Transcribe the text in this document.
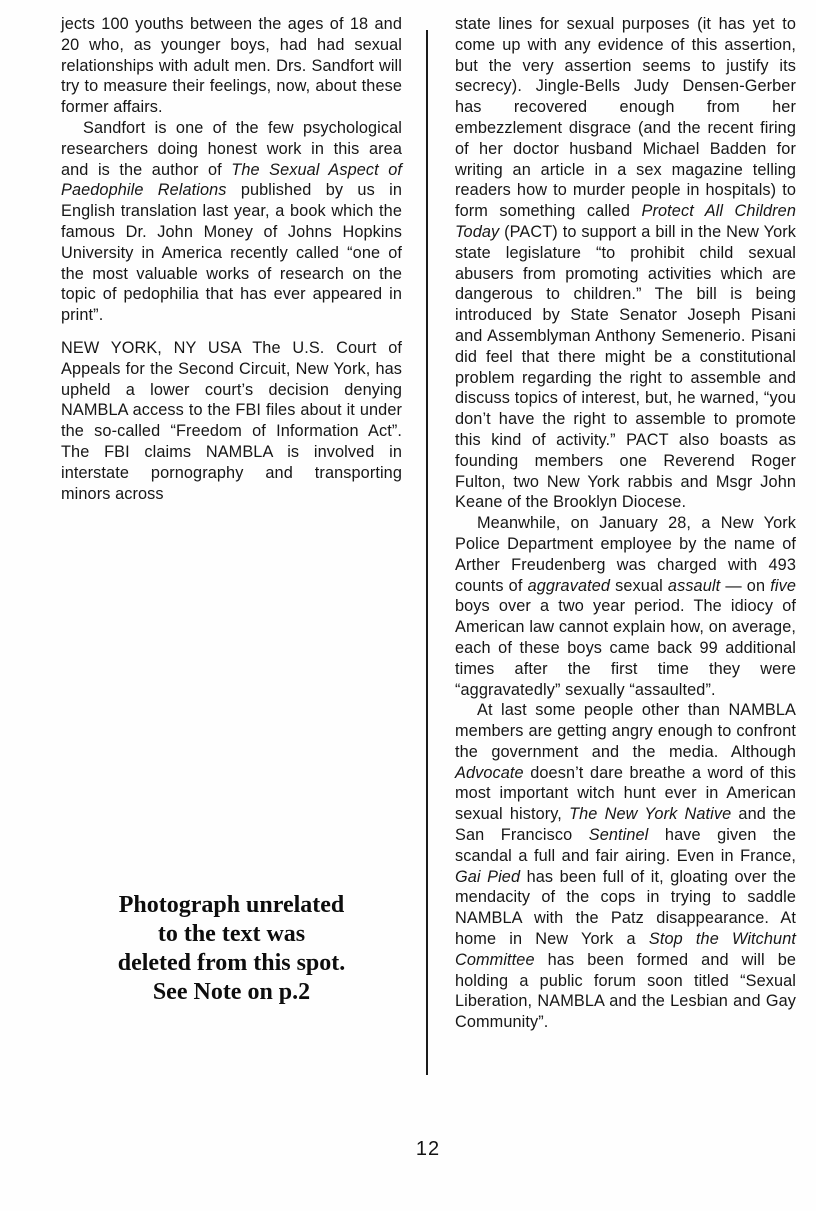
jects 100 youths between the ages of 18 and 20 who, as younger boys, had had sexual relationships with adult men. Drs. Sandfort will try to measure their feelings, now, about these former affairs.

Sandfort is one of the few psychological researchers doing honest work in this area and is the author of The Sexual Aspect of Paedophile Relations published by us in English translation last year, a book which the famous Dr. John Money of Johns Hopkins University in America recently called “one of the most valuable works of research on the topic of pedophilia that has ever appeared in print”.

NEW YORK, NY USA The U.S. Court of Appeals for the Second Circuit, New York, has upheld a lower court’s decision denying NAMBLA access to the FBI files about it under the so-called “Freedom of Information Act”. The FBI claims NAMBLA is involved in interstate pornography and transporting minors across

state lines for sexual purposes (it has yet to come up with any evidence of this assertion, but the very assertion seems to justify its secrecy). Jingle-Bells Judy Densen-Gerber has recovered enough from her embezzlement disgrace (and the recent firing of her doctor husband Michael Badden for writing an article in a sex magazine telling readers how to murder people in hospitals) to form something called Protect All Children Today (PACT) to support a bill in the New York state legislature “to prohibit child sexual abusers from promoting activities which are dangerous to children.” The bill is being introduced by State Senator Joseph Pisani and Assemblyman Anthony Semenerio. Pisani did feel that there might be a constitutional problem regarding the right to assemble and discuss topics of interest, but, he warned, “you don’t have the right to assemble to promote this kind of activity.” PACT also boasts as founding members one Reverend Roger Fulton, two New York rabbis and Msgr John Keane of the Brooklyn Diocese.

Meanwhile, on January 28, a New York Police Department employee by the name of Arther Freudenberg was charged with 493 counts of aggravated sexual assault — on five boys over a two year period. The idiocy of American law cannot explain how, on average, each of these boys came back 99 additional times after the first time they were “aggravatedly” sexually “assaulted”.

At last some people other than NAMBLA members are getting angry enough to confront the government and the media. Although Advocate doesn’t dare breathe a word of this most important witch hunt ever in American sexual history, The New York Native and the San Francisco Sentinel have given the scandal a full and fair airing. Even in France, Gai Pied has been full of it, gloating over the mendacity of the cops in trying to saddle NAMBLA with the Patz disappearance. At home in New York a Stop the Witchunt Committee has been formed and will be holding a public forum soon titled “Sexual Liberation, NAMBLA and the Lesbian and Gay Community”.

Photograph unrelated
to the text was
deleted from this spot.
See Note on p.2
12
